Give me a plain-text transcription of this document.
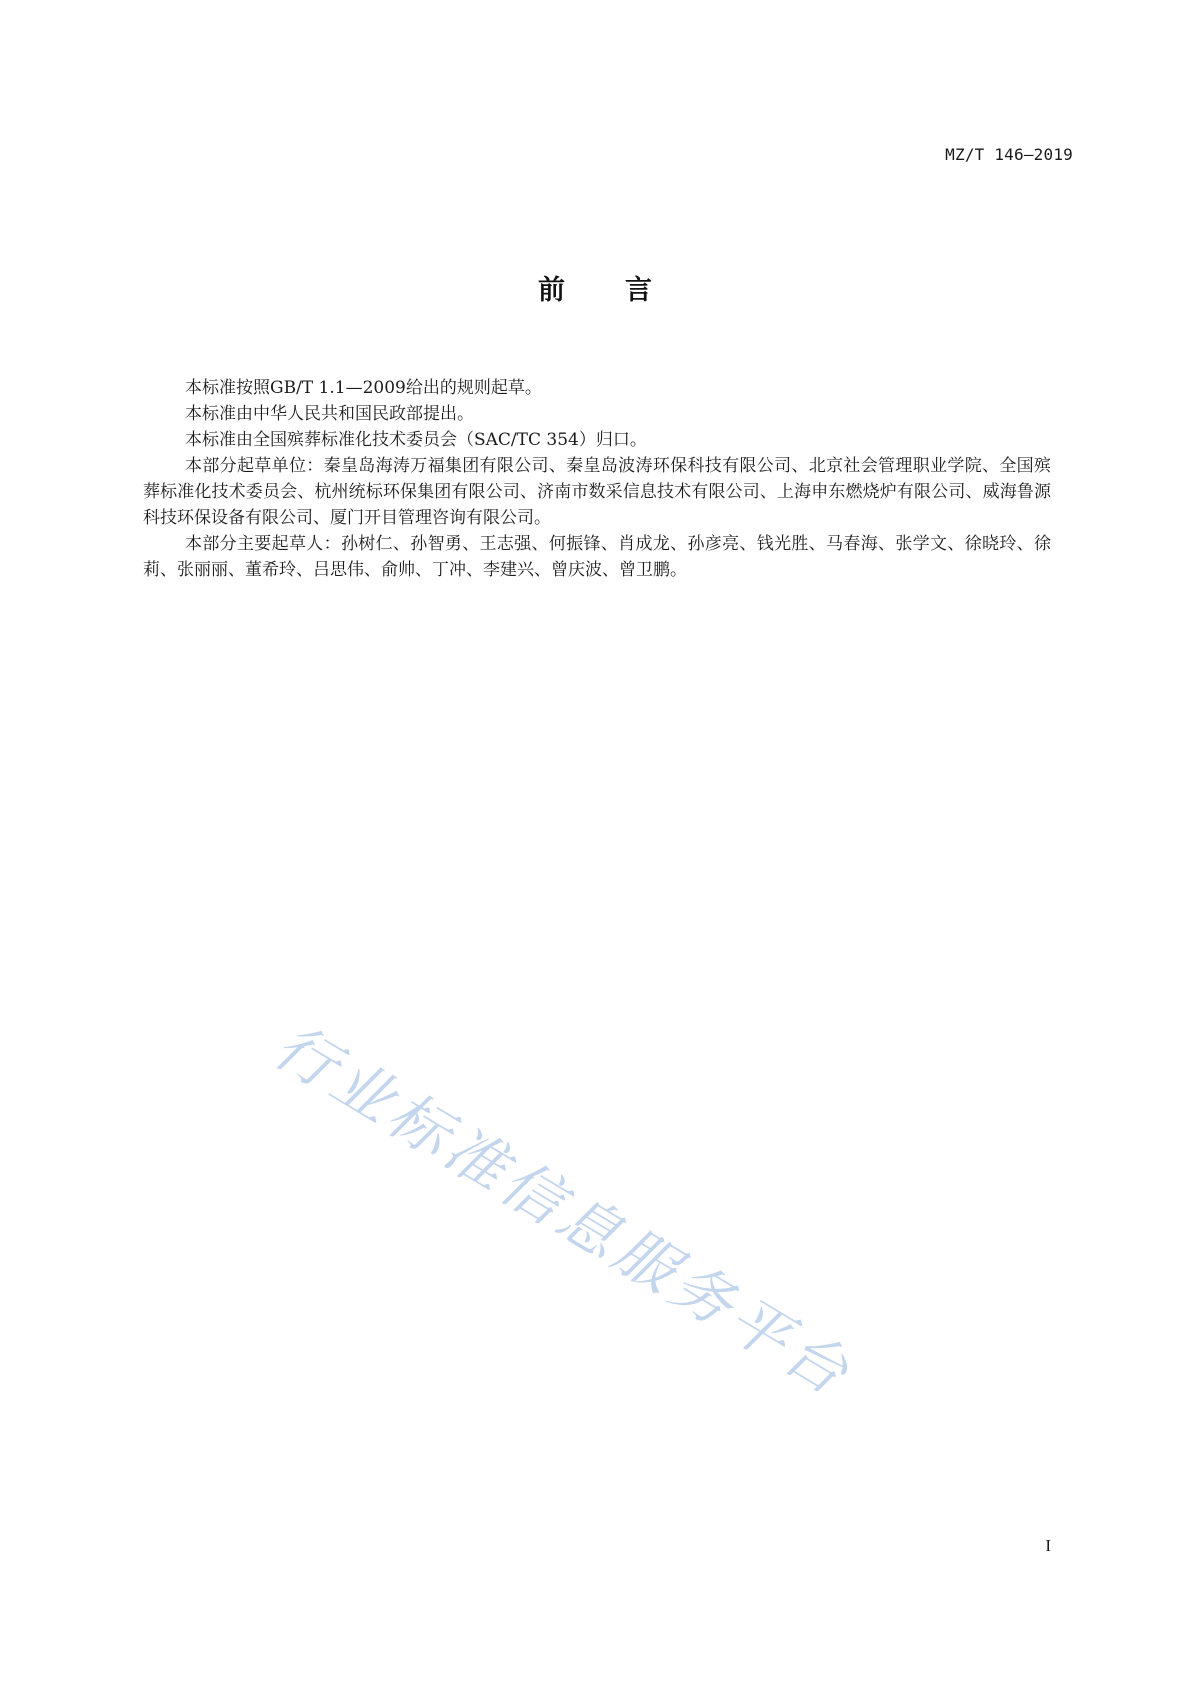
MZ/T 146—2019
前言

本标准按照GB/T 1.1—2009给出的规则起草。

本标准由中华人民共和国民政部提出。

本标准由全国殡葬标准化技术委员会（SAC/TC 354）归口。

本部分起草单位：秦皇岛海涛万福集团有限公司、秦皇岛波涛环保科技有限公司、北京社会管理职业学院、全国殡葬标准化技术委员会、杭州统标环保集团有限公司、济南市数采信息技术有限公司、上海申东燃烧炉有限公司、威海鲁源科技环保设备有限公司、厦门开目管理咨询有限公司。

本部分主要起草人：孙树仁、孙智勇、王志强、何振锋、肖成龙、孙彦亮、钱光胜、马春海、张学文、徐晓玲、徐莉、张丽丽、董希玲、吕思伟、俞帅、丁冲、李建兴、曾庆波、曾卫鹏。

行业标准信息服务平台
I
